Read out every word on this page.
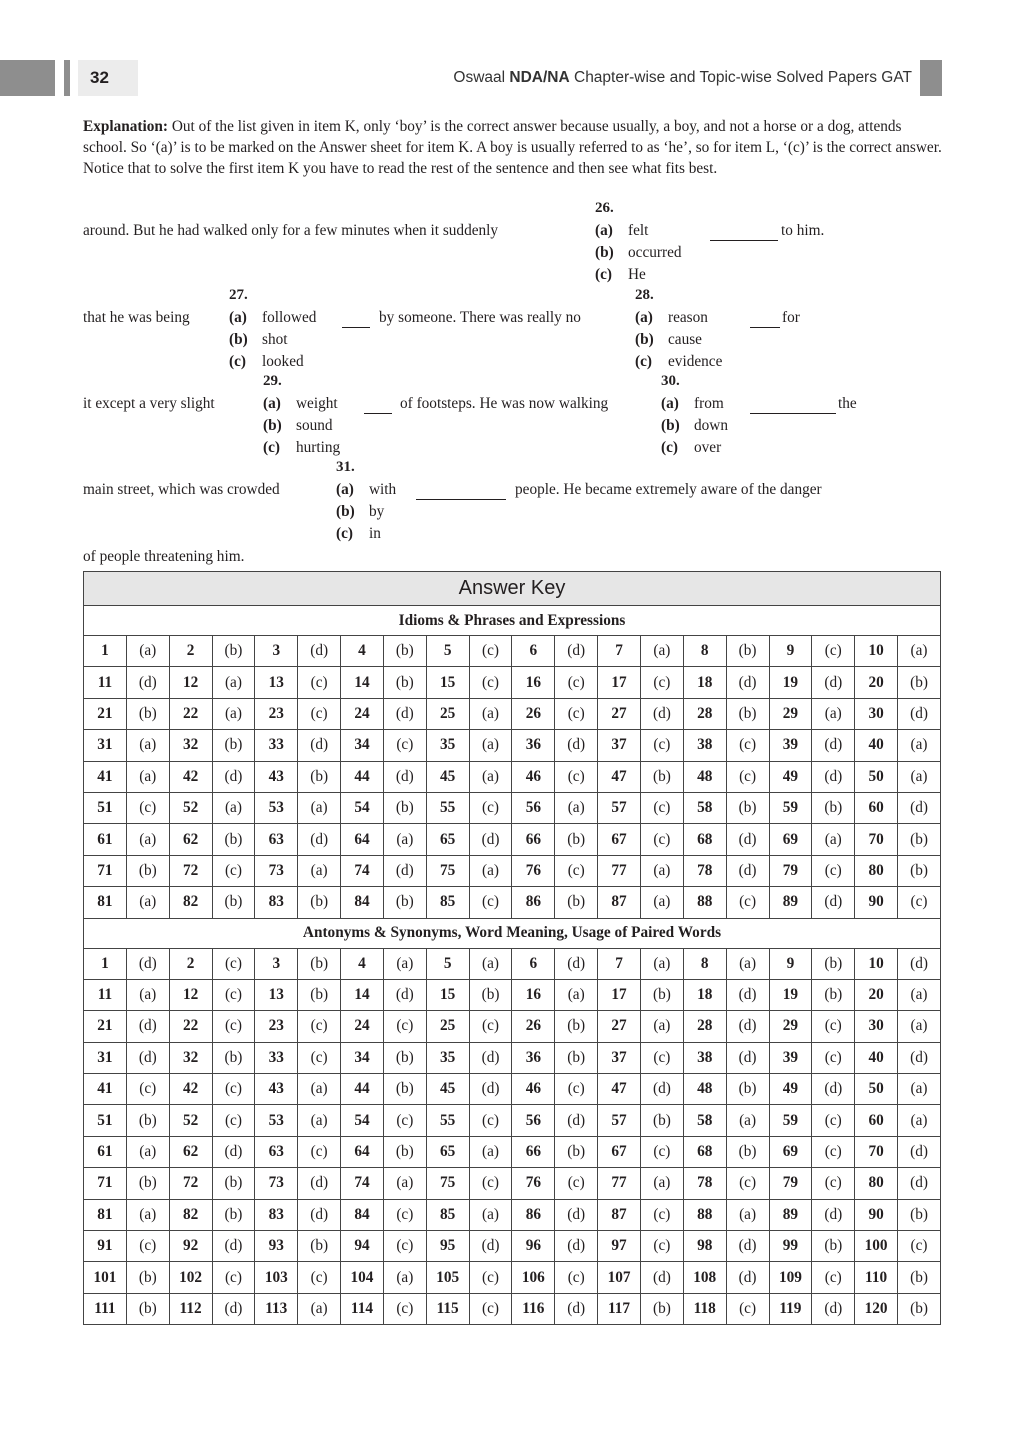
32	Oswaal NDA/NA Chapter-wise and Topic-wise Solved Papers GAT
Explanation: Out of the list given in item K, only ‘boy’ is the correct answer because usually, a boy, and not a horse or a dog, attends school. So ‘(a)’ is to be marked on the Answer sheet for item K. A boy is usually referred to as ‘he’, so for item L, ‘(c)’ is the correct answer. Notice that to solve the first item K you have to read the rest of the sentence and then see what fits best.
26.
around. But he had walked only for a few minutes when it suddenly	(a) felt
(b) occurred
(c) He
to him.
27.	28.
that he was being	(a) followed
(b) shot
(c) looked
by someone. There was really no	(a) reason
(b) cause
(c) evidence
for
29.	30.
it except a very slight	(a) weight
(b) sound
(c) hurting
of footsteps. He was now walking	(a) from
(b) down
(c) over
the
31.
main street, which was crowded	(a) with
(b) by
(c) in
people. He became extremely aware of the danger
of people threatening him.
Answer Key																			
Idioms & Phrases and Expressions																			
1	(a)	2	(b)	3	(d)	4	(b)	5	(c)	6	(d)	7	(a)	8	(b)	9	(c)	10	(a)
11	(d)	12	(a)	13	(c)	14	(b)	15	(c)	16	(c)	17	(c)	18	(d)	19	(d)	20	(b)
21	(b)	22	(a)	23	(c)	24	(d)	25	(a)	26	(c)	27	(d)	28	(b)	29	(a)	30	(d)
31	(a)	32	(b)	33	(d)	34	(c)	35	(a)	36	(d)	37	(c)	38	(c)	39	(d)	40	(a)
41	(a)	42	(d)	43	(b)	44	(d)	45	(a)	46	(c)	47	(b)	48	(c)	49	(d)	50	(a)
51	(c)	52	(a)	53	(a)	54	(b)	55	(c)	56	(a)	57	(c)	58	(b)	59	(b)	60	(d)
61	(a)	62	(b)	63	(d)	64	(a)	65	(d)	66	(b)	67	(c)	68	(d)	69	(a)	70	(b)
71	(b)	72	(c)	73	(a)	74	(d)	75	(a)	76	(c)	77	(a)	78	(d)	79	(c)	80	(b)
81	(a)	82	(b)	83	(b)	84	(b)	85	(c)	86	(b)	87	(a)	88	(c)	89	(d)	90	(c)
Antonyms & Synonyms, Word Meaning, Usage of Paired Words																			
1	(d)	2	(c)	3	(b)	4	(a)	5	(a)	6	(d)	7	(a)	8	(a)	9	(b)	10	(d)
11	(a)	12	(c)	13	(b)	14	(d)	15	(b)	16	(a)	17	(b)	18	(d)	19	(b)	20	(a)
21	(d)	22	(c)	23	(c)	24	(c)	25	(c)	26	(b)	27	(a)	28	(d)	29	(c)	30	(a)
31	(d)	32	(b)	33	(c)	34	(b)	35	(d)	36	(b)	37	(c)	38	(d)	39	(c)	40	(d)
41	(c)	42	(c)	43	(a)	44	(b)	45	(d)	46	(c)	47	(d)	48	(b)	49	(d)	50	(a)
51	(b)	52	(c)	53	(a)	54	(c)	55	(c)	56	(d)	57	(b)	58	(a)	59	(c)	60	(a)
61	(a)	62	(d)	63	(c)	64	(b)	65	(a)	66	(b)	67	(c)	68	(b)	69	(c)	70	(d)
71	(b)	72	(b)	73	(d)	74	(a)	75	(c)	76	(c)	77	(a)	78	(c)	79	(c)	80	(d)
81	(a)	82	(b)	83	(d)	84	(c)	85	(a)	86	(d)	87	(c)	88	(a)	89	(d)	90	(b)
91	(c)	92	(d)	93	(b)	94	(c)	95	(d)	96	(d)	97	(c)	98	(d)	99	(b)	100	(c)
101	(b)	102	(c)	103	(c)	104	(a)	105	(c)	106	(c)	107	(d)	108	(d)	109	(c)	110	(b)
111	(b)	112	(d)	113	(a)	114	(c)	115	(c)	116	(d)	117	(b)	118	(c)	119	(d)	120	(b)
